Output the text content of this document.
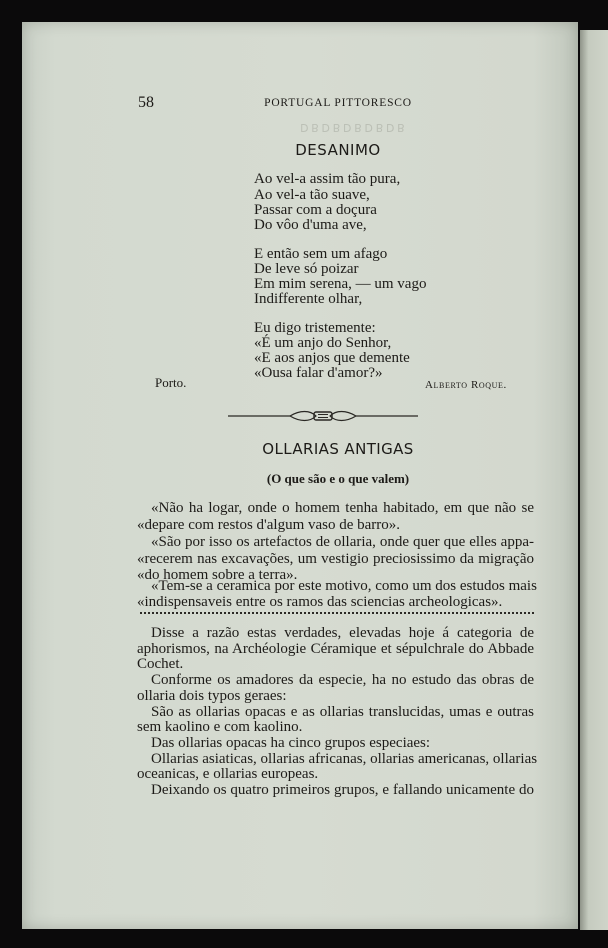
ꓭ ꓷ ꓭ ꓷ ꓭ ꓷ ꓭ ꓷ ꓭ ꓷ
58	PORTUGAL PITTORESCO
DESANIMO
Ao vel-a assim tão pura,
Ao vel-a tão suave,
Passar com a doçura
Do vôo d'uma ave,
E então sem um afago
De leve só poizar
Em mim serena, — um vago
Indifferente olhar,
Eu digo tristemente:
«É um anjo do Senhor,
«E aos anjos que demente
«Ousa falar d'amor?»
Porto.	Alberto Roque.
OLLARIAS ANTIGAS
(O que são e o que valem)
«Não ha logar, onde o homem tenha habitado, em que não se
«depare com restos d'algum vaso de barro».
«São por isso os artefactos de ollaria, onde quer que elles appa-
«recerem nas excavações, um vestigio preciosissimo da migração
«do homem sobre a terra».
«Tem-se a ceramica por este motivo, como um dos estudos mais
«indispensaveis entre os ramos das sciencias archeologicas».
Disse a razão estas verdades, elevadas hoje á categoria de
aphorismos, na Archéologie Céramique et sépulchrale do Abbade
Cochet.
Conforme os amadores da especie, ha no estudo das obras de
ollaria dois typos geraes:
São as ollarias opacas e as ollarias translucidas, umas e outras
sem kaolino e com kaolino.
Das ollarias opacas ha cinco grupos especiaes:
Ollarias asiaticas, ollarias africanas, ollarias americanas, ollarias
oceanicas, e ollarias europeas.
Deixando os quatro primeiros grupos, e fallando unicamente do
